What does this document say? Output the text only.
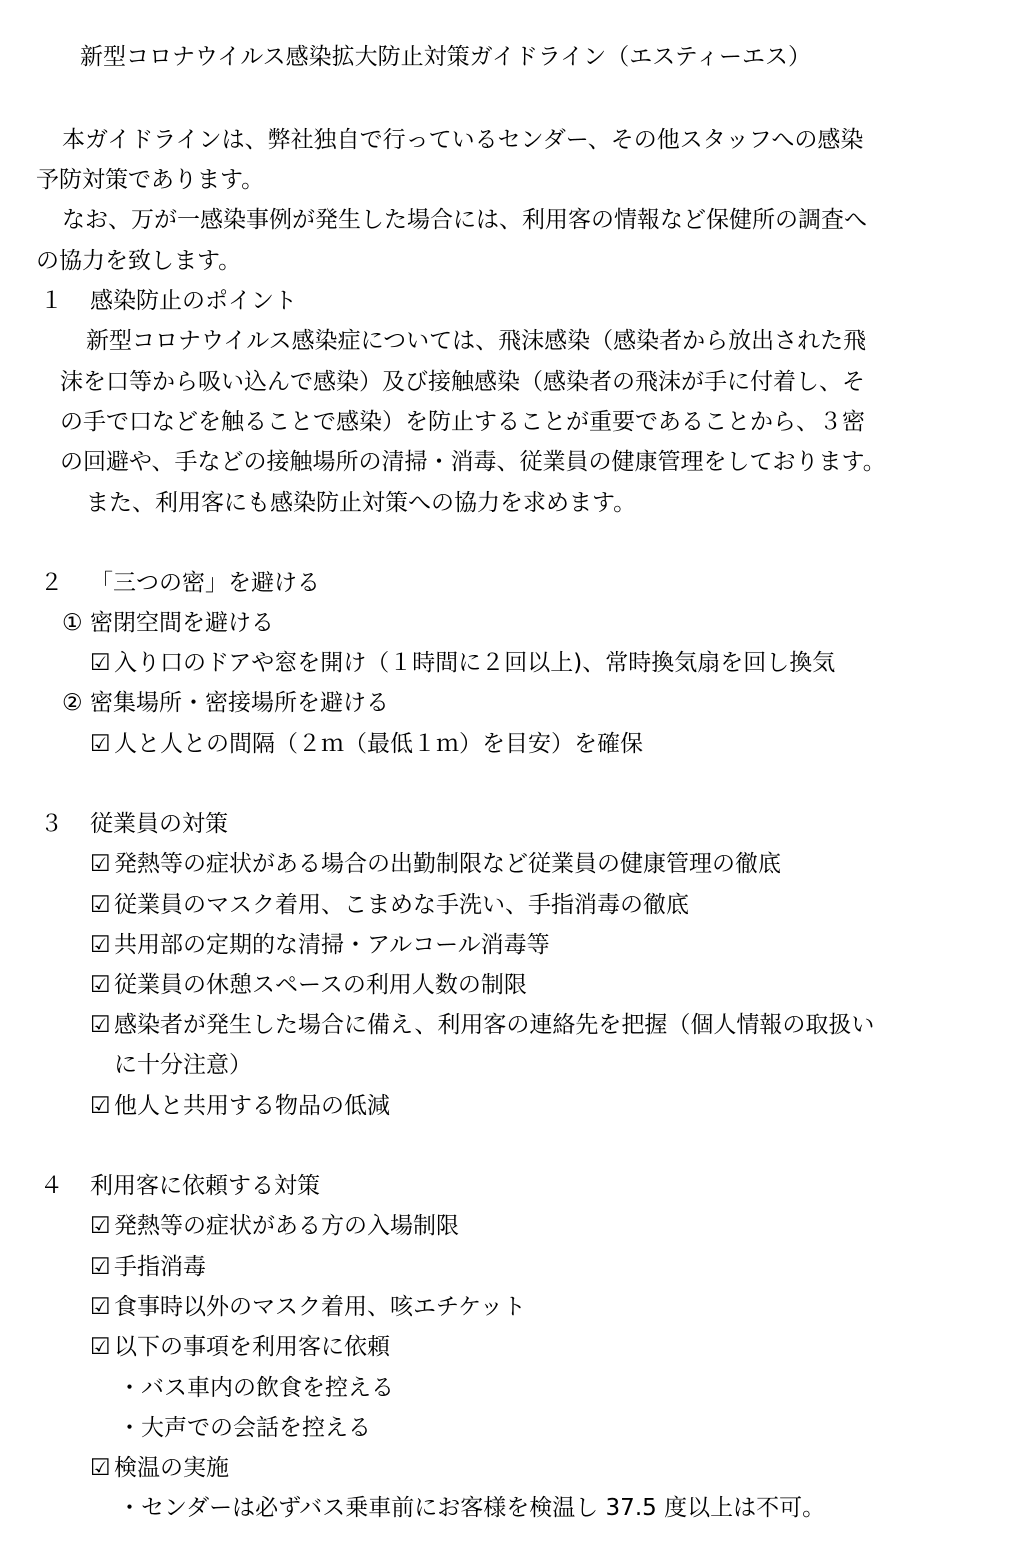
新型コロナウイルス感染拡大防止対策ガイドライン（エスティーエス）
本ガイドラインは、弊社独自で行っているセンダー、その他スタッフへの感染
予防対策であります。
なお、万が一感染事例が発生した場合には、利用客の情報など保健所の調査へ
の協力を致します。
１ 感染防止のポイント
新型コロナウイルス感染症については、飛沫感染（感染者から放出された飛
沫を口等から吸い込んで感染）及び接触感染（感染者の飛沫が手に付着し、そ
の手で口などを触ることで感染）を防止することが重要であることから、３密
の回避や、手などの接触場所の清掃・消毒、従業員の健康管理をしております。
また、利用客にも感染防止対策への協力を求めます。
２ 「三つの密」を避ける
① 密閉空間を避ける
☑ 入り口のドアや窓を開け（１時間に２回以上)、常時換気扇を回し換気
② 密集場所・密接場所を避ける
☑ 人と人との間隔（２ｍ（最低１ｍ）を目安）を確保
３ 従業員の対策
☑ 発熱等の症状がある場合の出勤制限など従業員の健康管理の徹底
☑ 従業員のマスク着用、こまめな手洗い、手指消毒の徹底
☑ 共用部の定期的な清掃・アルコール消毒等
☑ 従業員の休憩スペースの利用人数の制限
☑ 感染者が発生した場合に備え、利用客の連絡先を把握（個人情報の取扱い
に十分注意）
☑ 他人と共用する物品の低減
４ 利用客に依頼する対策
☑ 発熱等の症状がある方の入場制限
☑ 手指消毒
☑ 食事時以外のマスク着用、咳エチケット
☑ 以下の事項を利用客に依頼
・バス車内の飲食を控える
・大声での会話を控える
☑ 検温の実施
・センダーは必ずバス乗車前にお客様を検温し 37.5 度以上は不可。
